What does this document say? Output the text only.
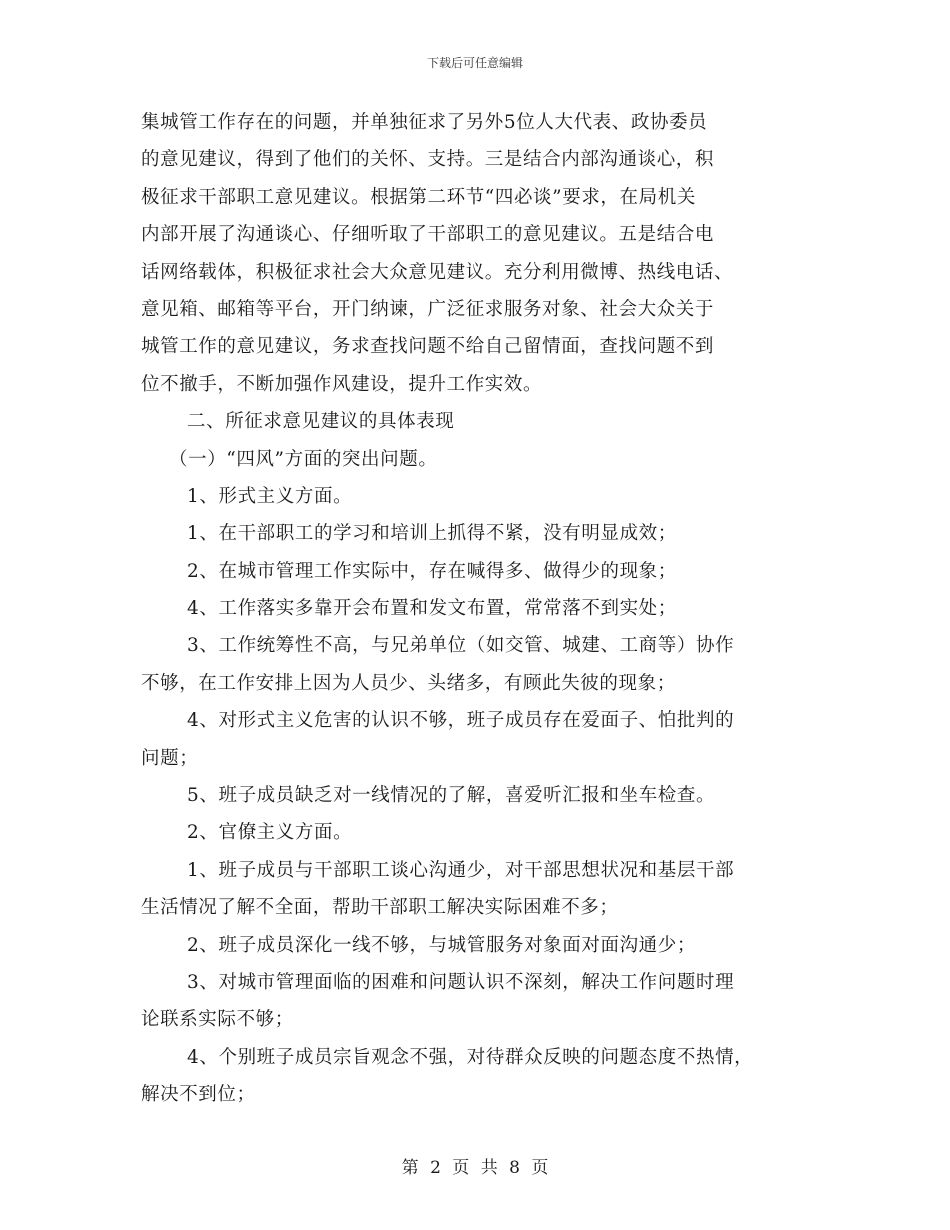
下载后可任意编辑
集城管工作存在的问题，并单独征求了另外5位人大代表、政协委员
的意见建议，得到了他们的关怀、支持。三是结合内部沟通谈心，积
极征求干部职工意见建议。根据第二环节“四必谈”要求，在局机关
内部开展了沟通谈心、仔细听取了干部职工的意见建议。五是结合电
话网络载体，积极征求社会大众意见建议。充分利用微博、热线电话、
意见箱、邮箱等平台，开门纳谏，广泛征求服务对象、社会大众关于
城管工作的意见建议，务求查找问题不给自己留情面，查找问题不到
位不撤手，不断加强作风建设，提升工作实效。
二、所征求意见建议的具体表现
（一）“四风”方面的突出问题。
1、形式主义方面。
1、在干部职工的学习和培训上抓得不紧，没有明显成效；
2、在城市管理工作实际中，存在喊得多、做得少的现象；
4、工作落实多靠开会布置和发文布置，常常落不到实处；
3、工作统筹性不高，与兄弟单位（如交管、城建、工商等）协作
不够，在工作安排上因为人员少、头绪多，有顾此失彼的现象；
4、对形式主义危害的认识不够，班子成员存在爱面子、怕批判的
问题；
5、班子成员缺乏对一线情况的了解，喜爱听汇报和坐车检查。
2、官僚主义方面。
1、班子成员与干部职工谈心沟通少，对干部思想状况和基层干部
生活情况了解不全面，帮助干部职工解决实际困难不多；
2、班子成员深化一线不够，与城管服务对象面对面沟通少；
3、对城市管理面临的困难和问题认识不深刻，解决工作问题时理
论联系实际不够；
4、个别班子成员宗旨观念不强，对待群众反映的问题态度不热情，
解决不到位；
第 2 页 共 8 页
